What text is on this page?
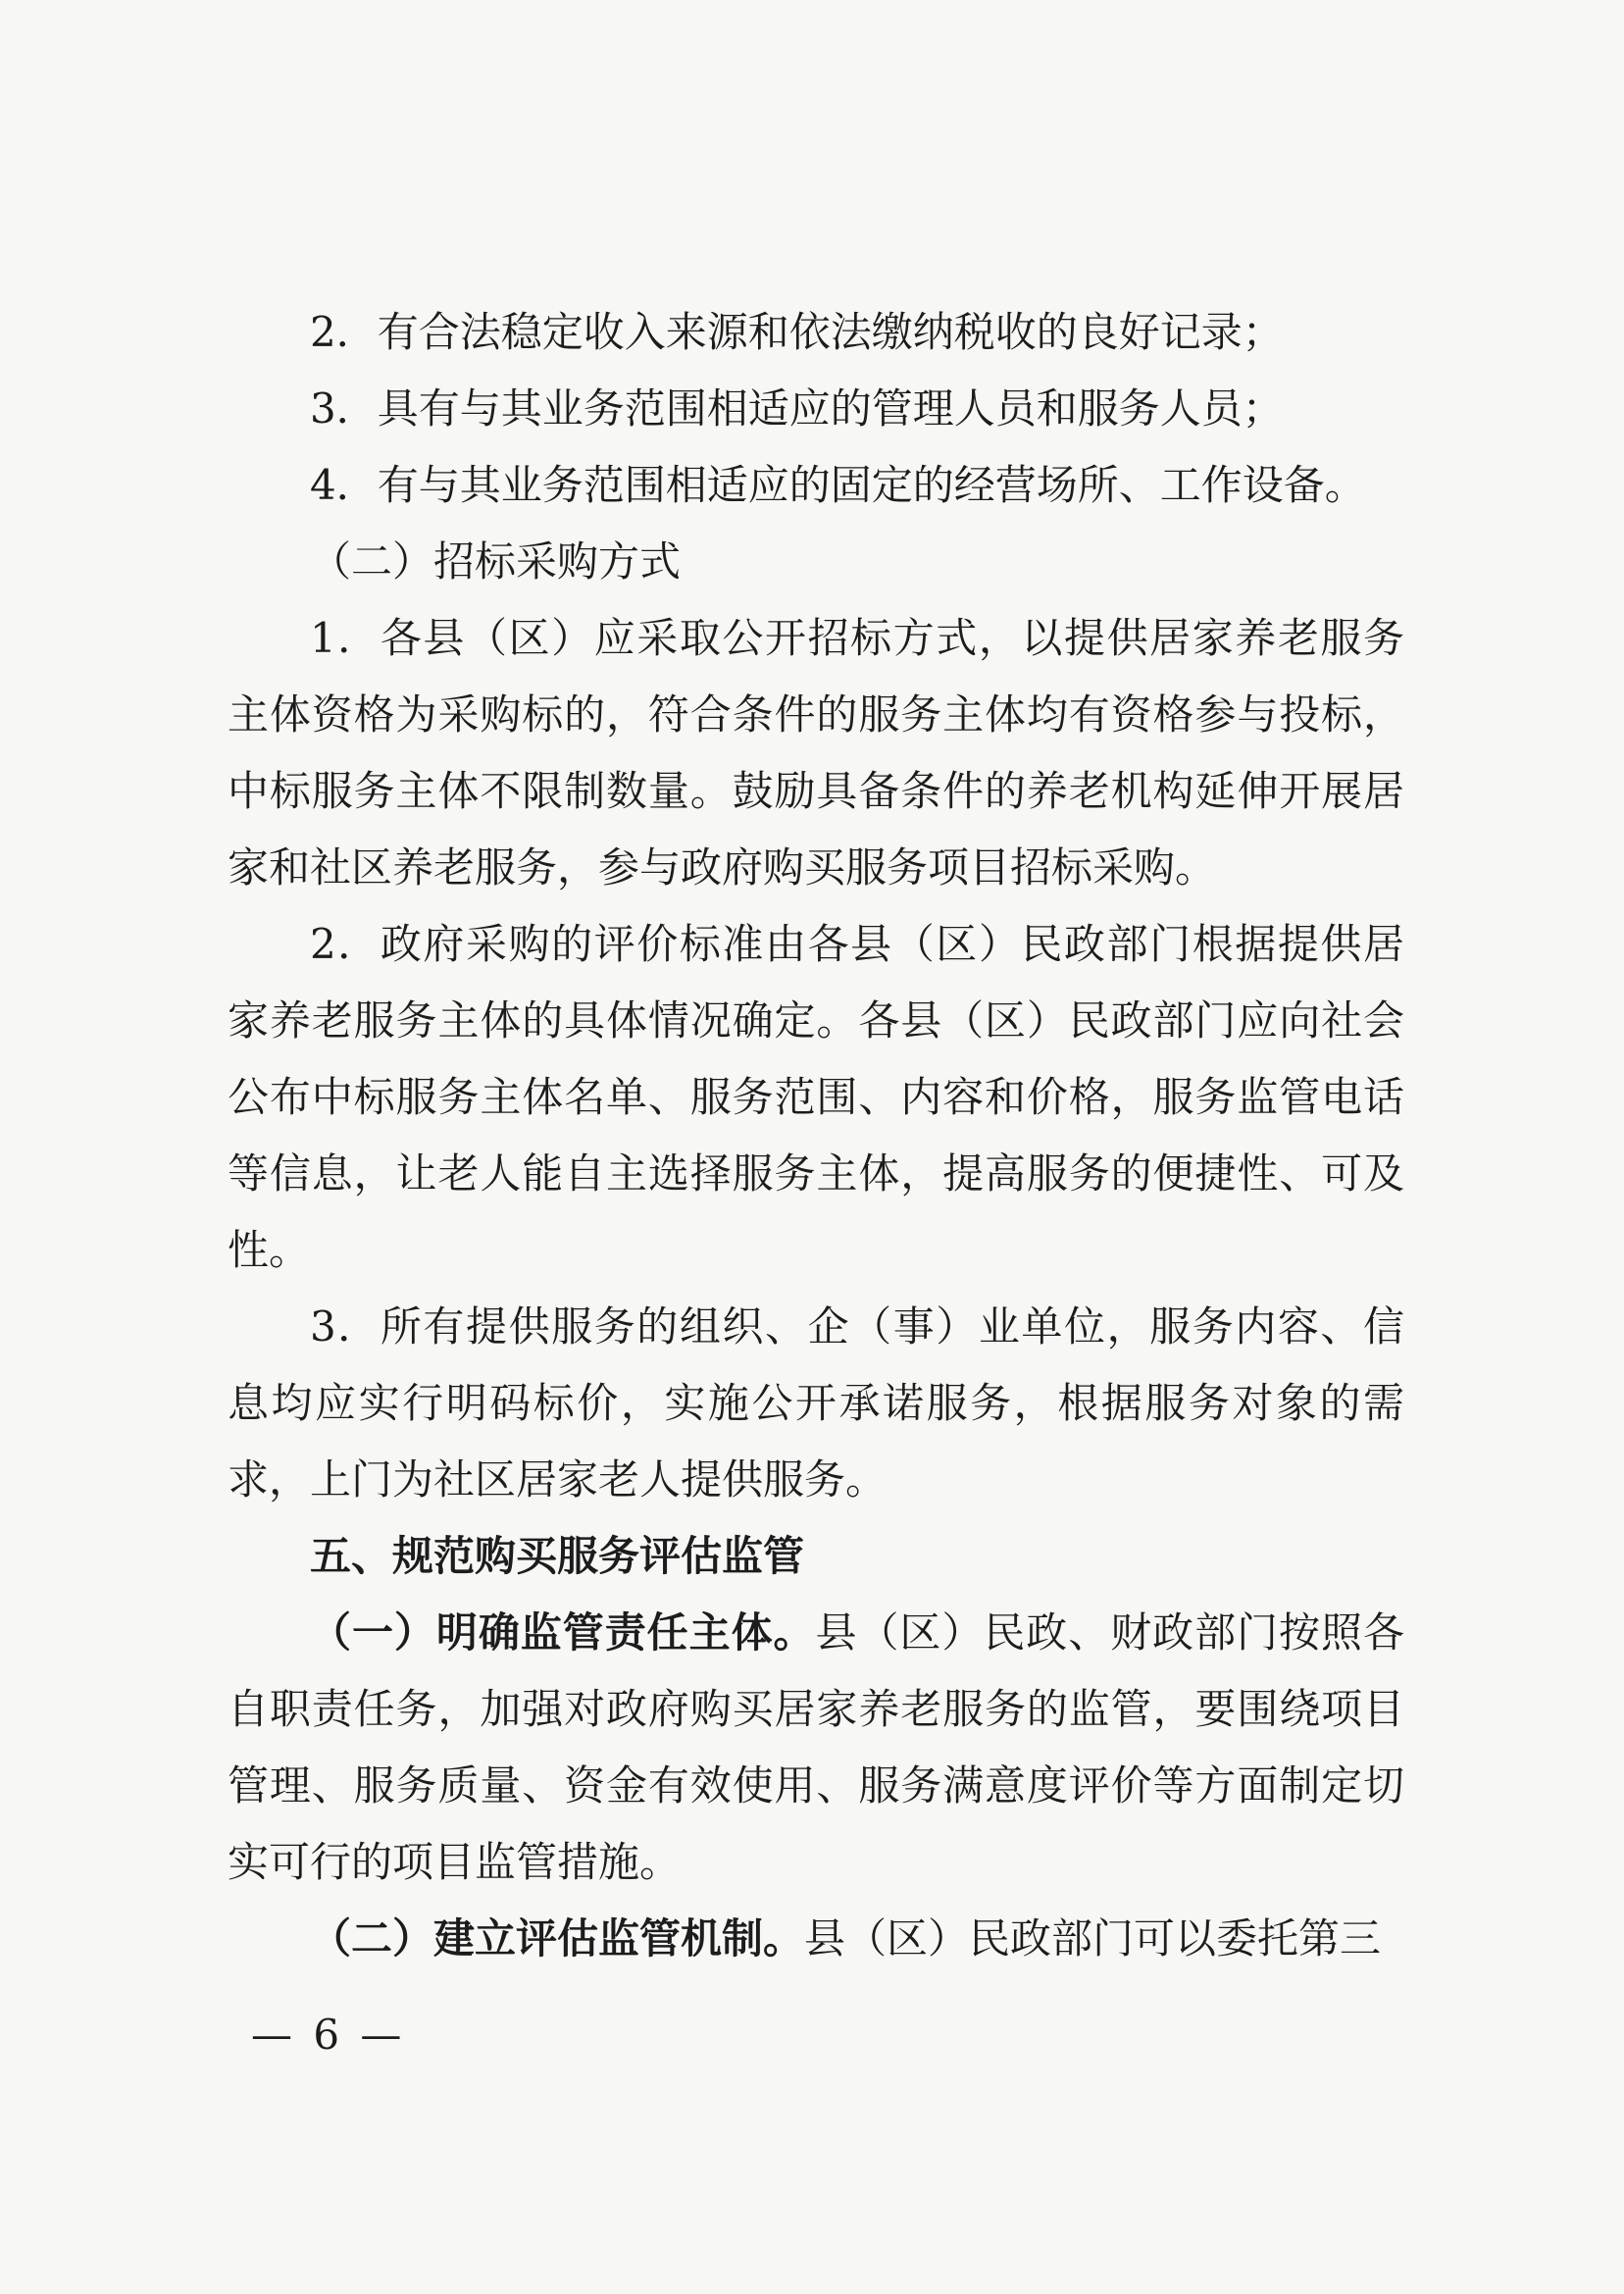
2．有合法稳定收入来源和依法缴纳税收的良好记录；

3．具有与其业务范围相适应的管理人员和服务人员；

4．有与其业务范围相适应的固定的经营场所、工作设备。

（二）招标采购方式

1．各县（区）应采取公开招标方式，以提供居家养老服务主体资格为采购标的，符合条件的服务主体均有资格参与投标，中标服务主体不限制数量。鼓励具备条件的养老机构延伸开展居家和社区养老服务，参与政府购买服务项目招标采购。

2．政府采购的评价标准由各县（区）民政部门根据提供居家养老服务主体的具体情况确定。各县（区）民政部门应向社会公布中标服务主体名单、服务范围、内容和价格，服务监管电话等信息，让老人能自主选择服务主体，提高服务的便捷性、可及性。

3．所有提供服务的组织、企（事）业单位，服务内容、信息均应实行明码标价，实施公开承诺服务，根据服务对象的需求，上门为社区居家老人提供服务。

五、规范购买服务评估监管

（一）明确监管责任主体。县（区）民政、财政部门按照各自职责任务，加强对政府购买居家养老服务的监管，要围绕项目管理、服务质量、资金有效使用、服务满意度评价等方面制定切实可行的项目监管措施。

（二）建立评估监管机制。县（区）民政部门可以委托第三

— 6 —
